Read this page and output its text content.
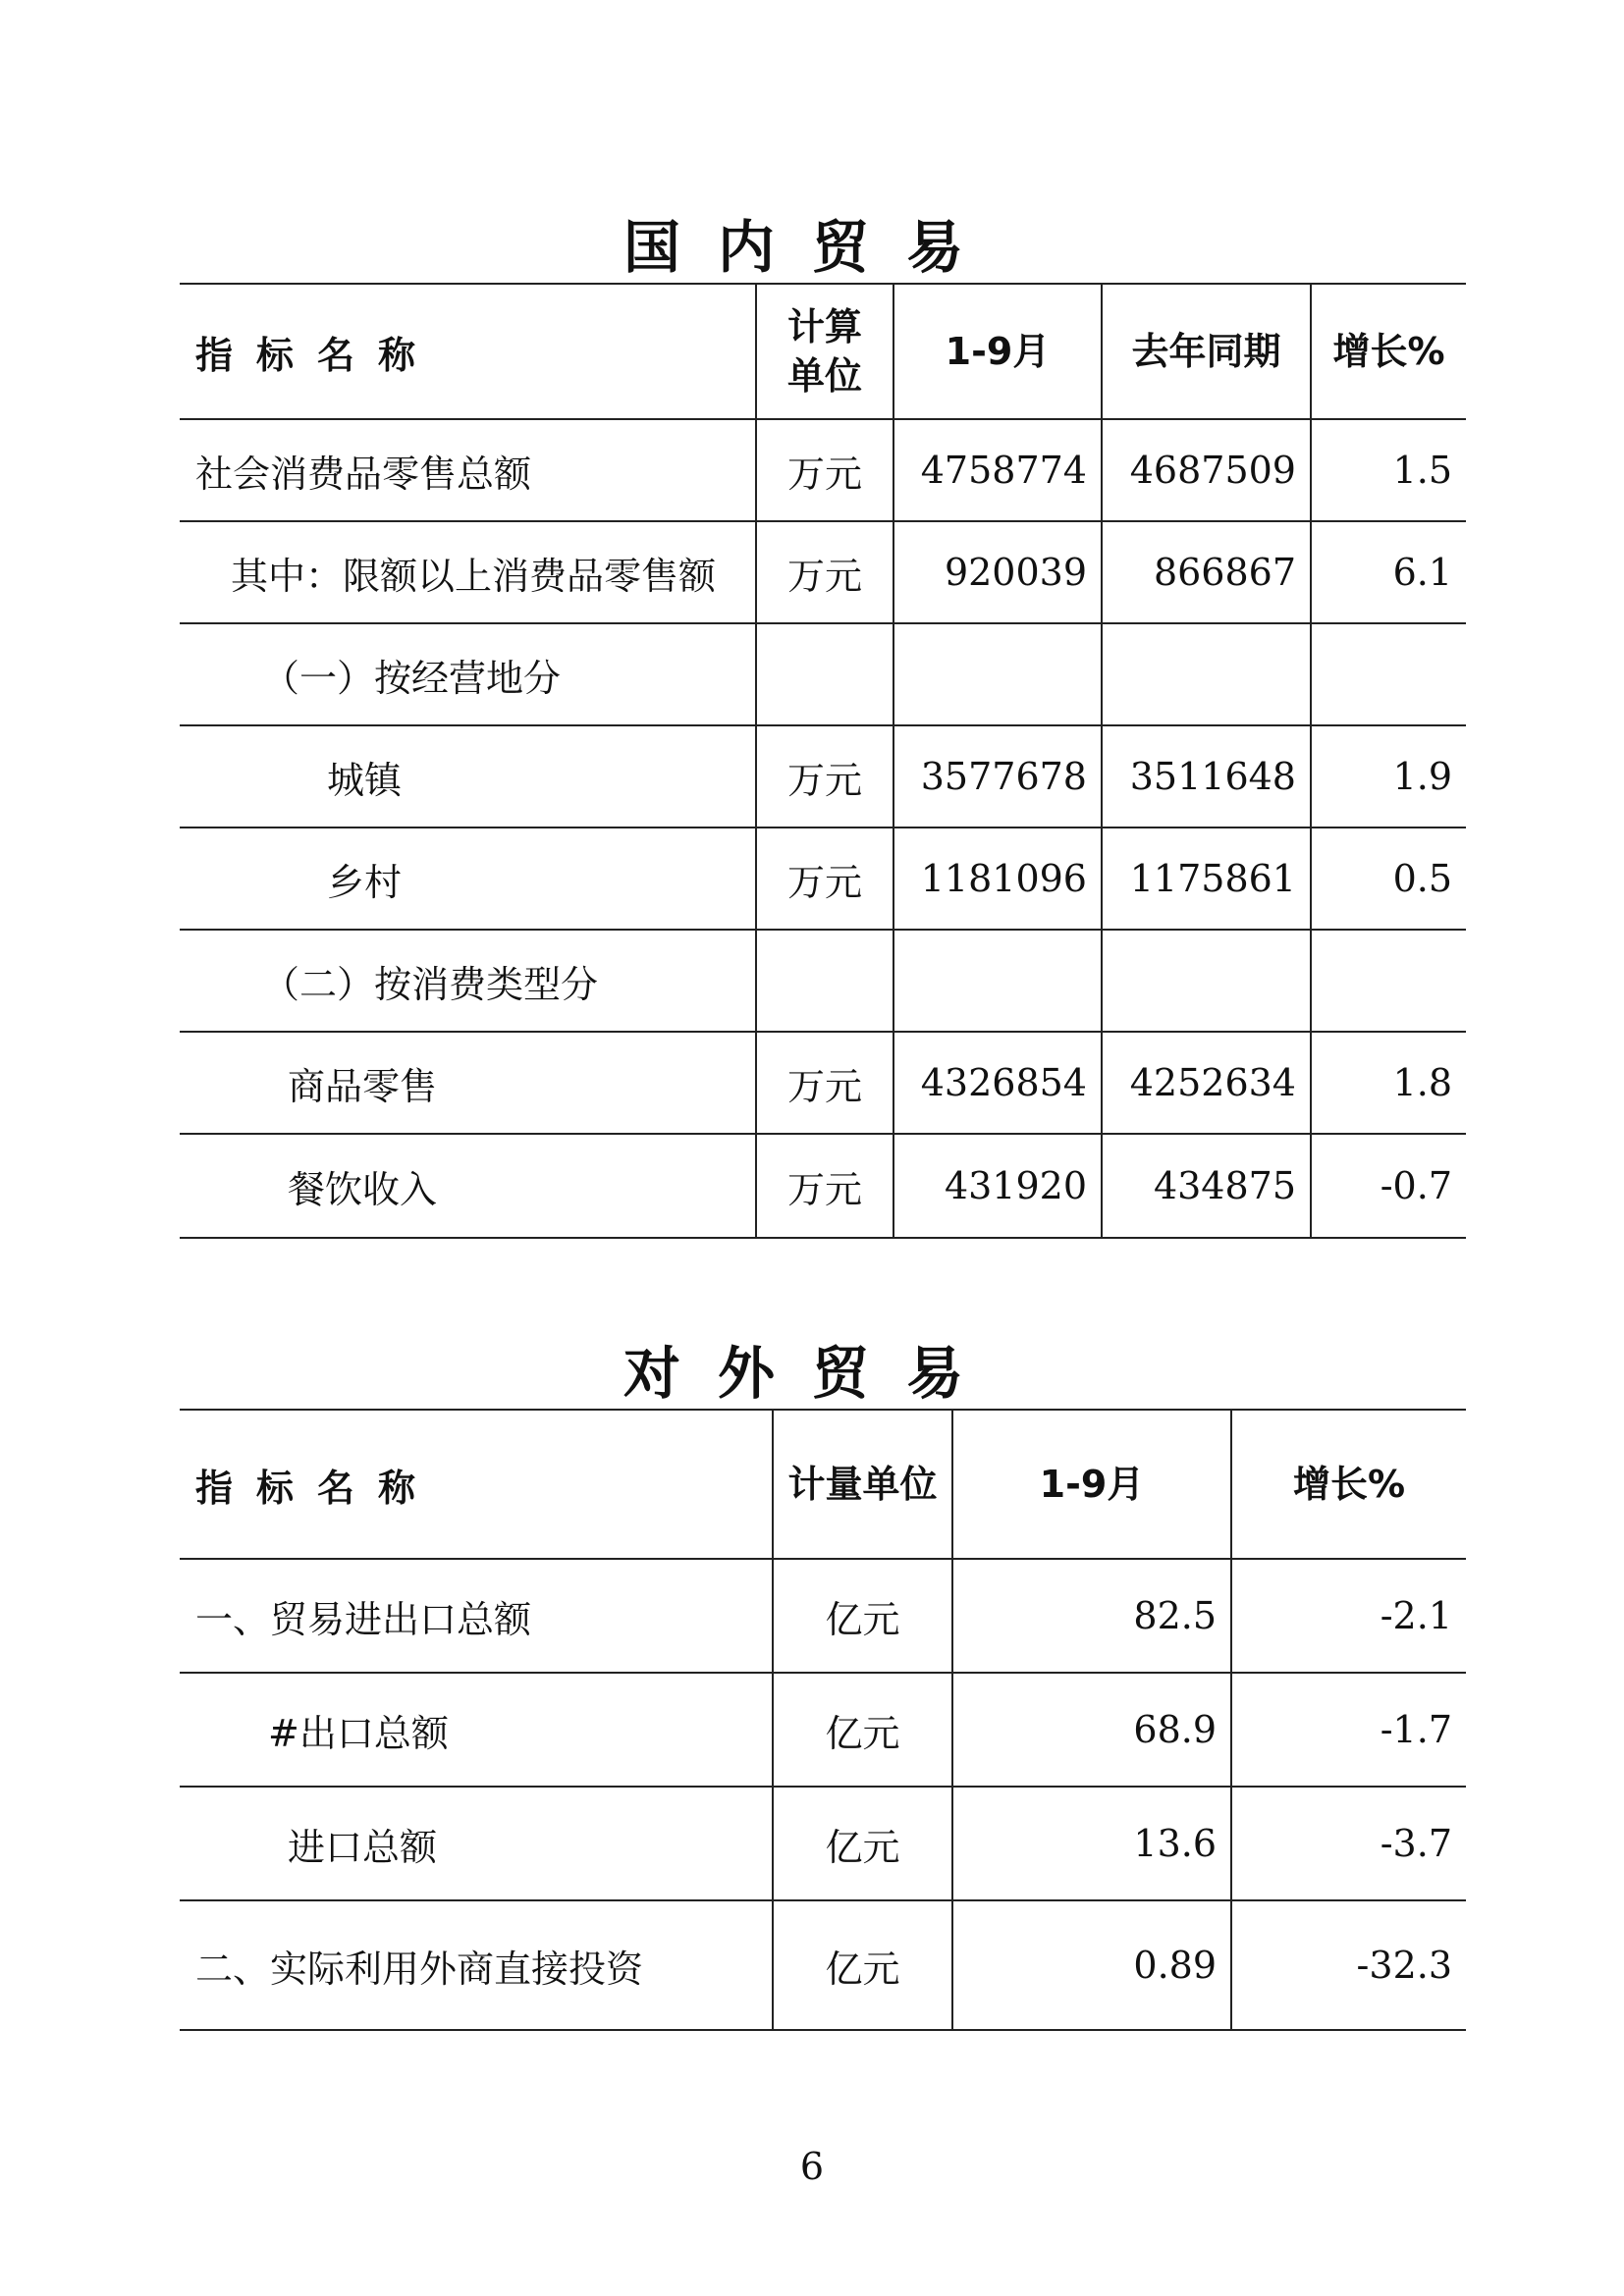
国内贸易
指标名称	计算单位	1-9月	去年同期	增长%
社会消费品零售总额	万元	4758774	4687509	1.5
其中：限额以上消费品零售额	万元	920039	866867	6.1
（一）按经营地分				
城镇	万元	3577678	3511648	1.9
乡村	万元	1181096	1175861	0.5
（二）按消费类型分				
商品零售	万元	4326854	4252634	1.8
餐饮收入	万元	431920	434875	-0.7
对外贸易
指标名称	计量单位	1-9月	增长%
一、贸易进出口总额	亿元	82.5	-2.1
#出口总额	亿元	68.9	-1.7
进口总额	亿元	13.6	-3.7
二、实际利用外商直接投资	亿元	0.89	-32.3
6
